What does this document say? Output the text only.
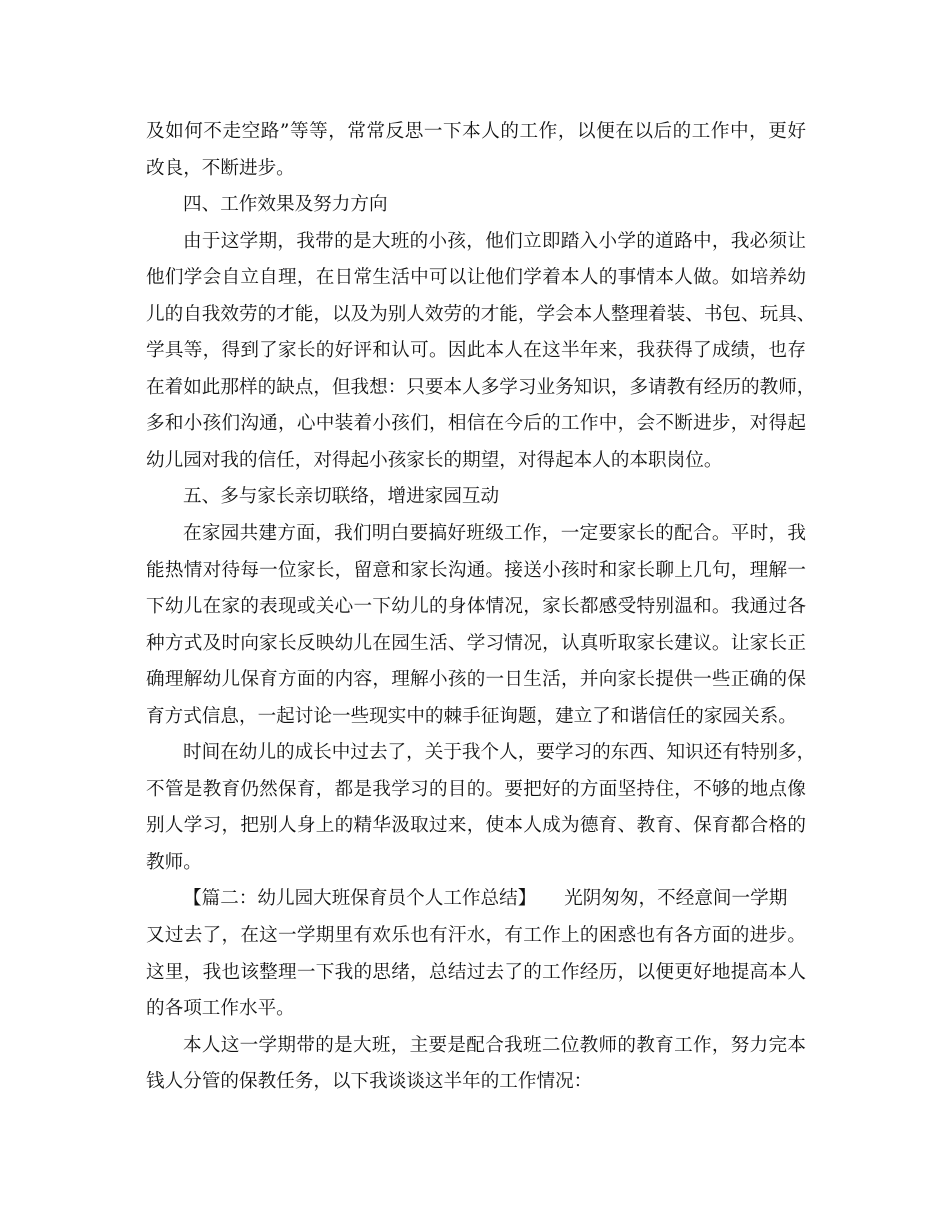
及如何不走空路”等等，常常反思一下本人的工作，以便在以后的工作中，更好
改良，不断进步。
四、工作效果及努力方向
由于这学期，我带的是大班的小孩，他们立即踏入小学的道路中，我必须让
他们学会自立自理，在日常生活中可以让他们学着本人的事情本人做。如培养幼
儿的自我效劳的才能，以及为别人效劳的才能，学会本人整理着装、书包、玩具、
学具等，得到了家长的好评和认可。因此本人在这半年来，我获得了成绩，也存
在着如此那样的缺点，但我想：只要本人多学习业务知识，多请教有经历的教师，
多和小孩们沟通，心中装着小孩们，相信在今后的工作中，会不断进步，对得起
幼儿园对我的信任，对得起小孩家长的期望，对得起本人的本职岗位。
五、多与家长亲切联络，增进家园互动
在家园共建方面，我们明白要搞好班级工作，一定要家长的配合。平时，我
能热情对待每一位家长，留意和家长沟通。接送小孩时和家长聊上几句，理解一
下幼儿在家的表现或关心一下幼儿的身体情况，家长都感受特别温和。我通过各
种方式及时向家长反映幼儿在园生活、学习情况，认真听取家长建议。让家长正
确理解幼儿保育方面的内容，理解小孩的一日生活，并向家长提供一些正确的保
育方式信息，一起讨论一些现实中的棘手征询题，建立了和谐信任的家园关系。
时间在幼儿的成长中过去了，关于我个人，要学习的东西、知识还有特别多，
不管是教育仍然保育，都是我学习的目的。要把好的方面坚持住，不够的地点像
别人学习，把别人身上的精华汲取过来，使本人成为德育、教育、保育都合格的
教师。
【篇二：幼儿园大班保育员个人工作总结】　　光阴匆匆，不经意间一学期
又过去了，在这一学期里有欢乐也有汗水，有工作上的困惑也有各方面的进步。
这里，我也该整理一下我的思绪，总结过去了的工作经历，以便更好地提高本人
的各项工作水平。
本人这一学期带的是大班，主要是配合我班二位教师的教育工作，努力完本
钱人分管的保教任务，以下我谈谈这半年的工作情况：
